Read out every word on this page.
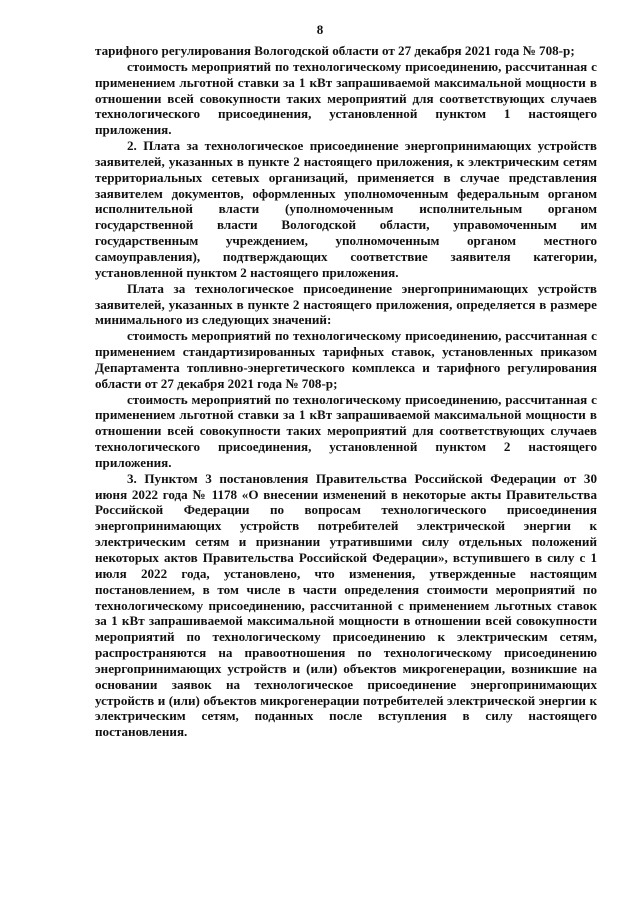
8

тарифного регулирования Вологодской области от 27 декабря 2021 года № 708-р;

стоимость мероприятий по технологическому присоединению, рассчитанная с применением льготной ставки за 1 кВт запрашиваемой максимальной мощности в отношении всей совокупности таких мероприятий для соответствующих случаев технологического присоединения, установленной пунктом 1 настоящего приложения.

2. Плата за технологическое присоединение энергопринимающих устройств заявителей, указанных в пункте 2 настоящего приложения, к электрическим сетям территориальных сетевых организаций, применяется в случае представления заявителем документов, оформленных уполномоченным федеральным органом исполнительной власти (уполномоченным исполнительным органом государственной власти Вологодской области, управомоченным им государственным учреждением, уполномоченным органом местного самоуправления), подтверждающих соответствие заявителя категории, установленной пунктом 2 настоящего приложения.

Плата за технологическое присоединение энергопринимающих устройств заявителей, указанных в пункте 2 настоящего приложения, определяется в размере минимального из следующих значений:

стоимость мероприятий по технологическому присоединению, рассчитанная с применением стандартизированных тарифных ставок, установленных приказом Департамента топливно-энергетического комплекса и тарифного регулирования области от 27 декабря 2021 года № 708-р;

стоимость мероприятий по технологическому присоединению, рассчитанная с применением льготной ставки за 1 кВт запрашиваемой максимальной мощности в отношении всей совокупности таких мероприятий для соответствующих случаев технологического присоединения, установленной пунктом 2 настоящего приложения.

3. Пунктом 3 постановления Правительства Российской Федерации от 30 июня 2022 года № 1178 «О внесении изменений в некоторые акты Правительства Российской Федерации по вопросам технологического присоединения энергопринимающих устройств потребителей электрической энергии к электрическим сетям и признании утратившими силу отдельных положений некоторых актов Правительства Российской Федерации», вступившего в силу с 1 июля 2022 года, установлено, что изменения, утвержденные настоящим постановлением, в том числе в части определения стоимости мероприятий по технологическому присоединению, рассчитанной с применением льготных ставок за 1 кВт запрашиваемой максимальной мощности в отношении всей совокупности мероприятий по технологическому присоединению к электрическим сетям, распространяются на правоотношения по технологическому присоединению энергопринимающих устройств и (или) объектов микрогенерации, возникшие на основании заявок на технологическое присоединение энергопринимающих устройств и (или) объектов микрогенерации потребителей электрической энергии к электрическим сетям, поданных после вступления в силу настоящего постановления.
